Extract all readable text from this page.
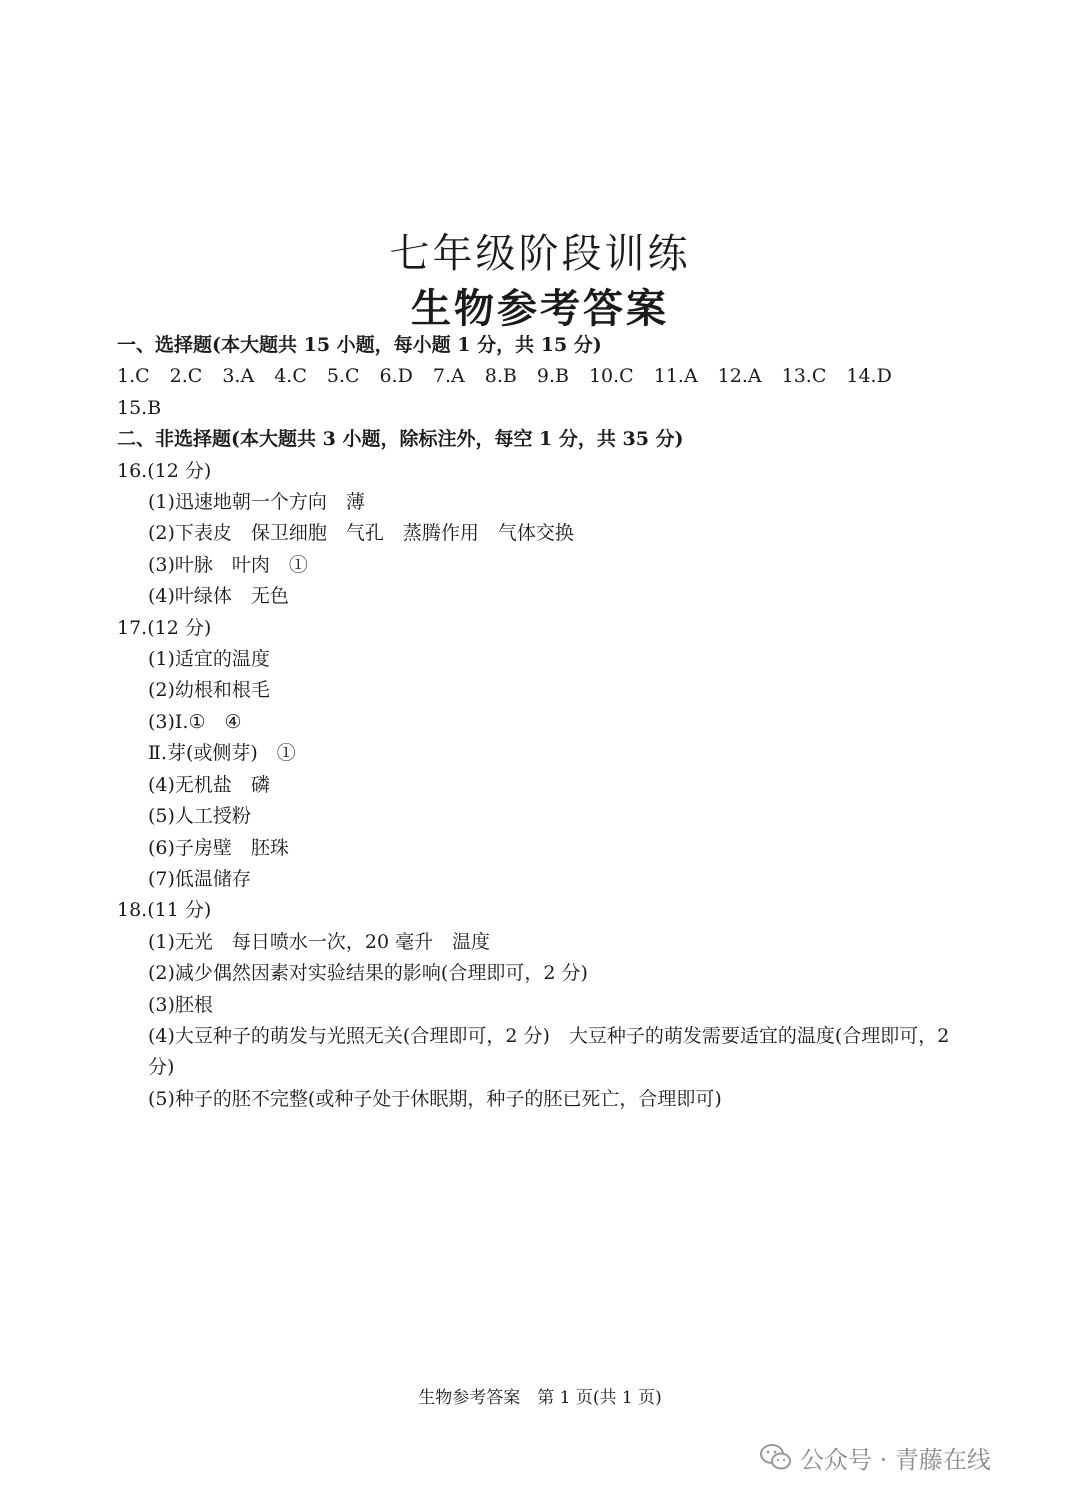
七年级阶段训练
生物参考答案
一、选择题(本大题共 15 小题，每小题 1 分，共 15 分)
1.C 2.C 3.A 4.C 5.C 6.D 7.A 8.B 9.B 10.C 11.A 12.A 13.C 14.D
15.B
二、非选择题(本大题共 3 小题，除标注外，每空 1 分，共 35 分)
16.(12 分)
(1)迅速地朝一个方向　薄
(2)下表皮　保卫细胞　气孔　蒸腾作用　气体交换
(3)叶脉　叶肉　①
(4)叶绿体　无色
17.(12 分)
(1)适宜的温度
(2)幼根和根毛
(3)Ⅰ.①　④
Ⅱ.芽(或侧芽)　①
(4)无机盐　磷
(5)人工授粉
(6)子房壁　胚珠
(7)低温储存
18.(11 分)
(1)无光　每日喷水一次，20 毫升　温度
(2)减少偶然因素对实验结果的影响(合理即可，2 分)
(3)胚根
(4)大豆种子的萌发与光照无关(合理即可，2 分)　大豆种子的萌发需要适宜的温度(合理即可，2 分)
(5)种子的胚不完整(或种子处于休眠期，种子的胚已死亡，合理即可)
生物参考答案　第 1 页(共 1 页)
公众号 · 青藤在线
